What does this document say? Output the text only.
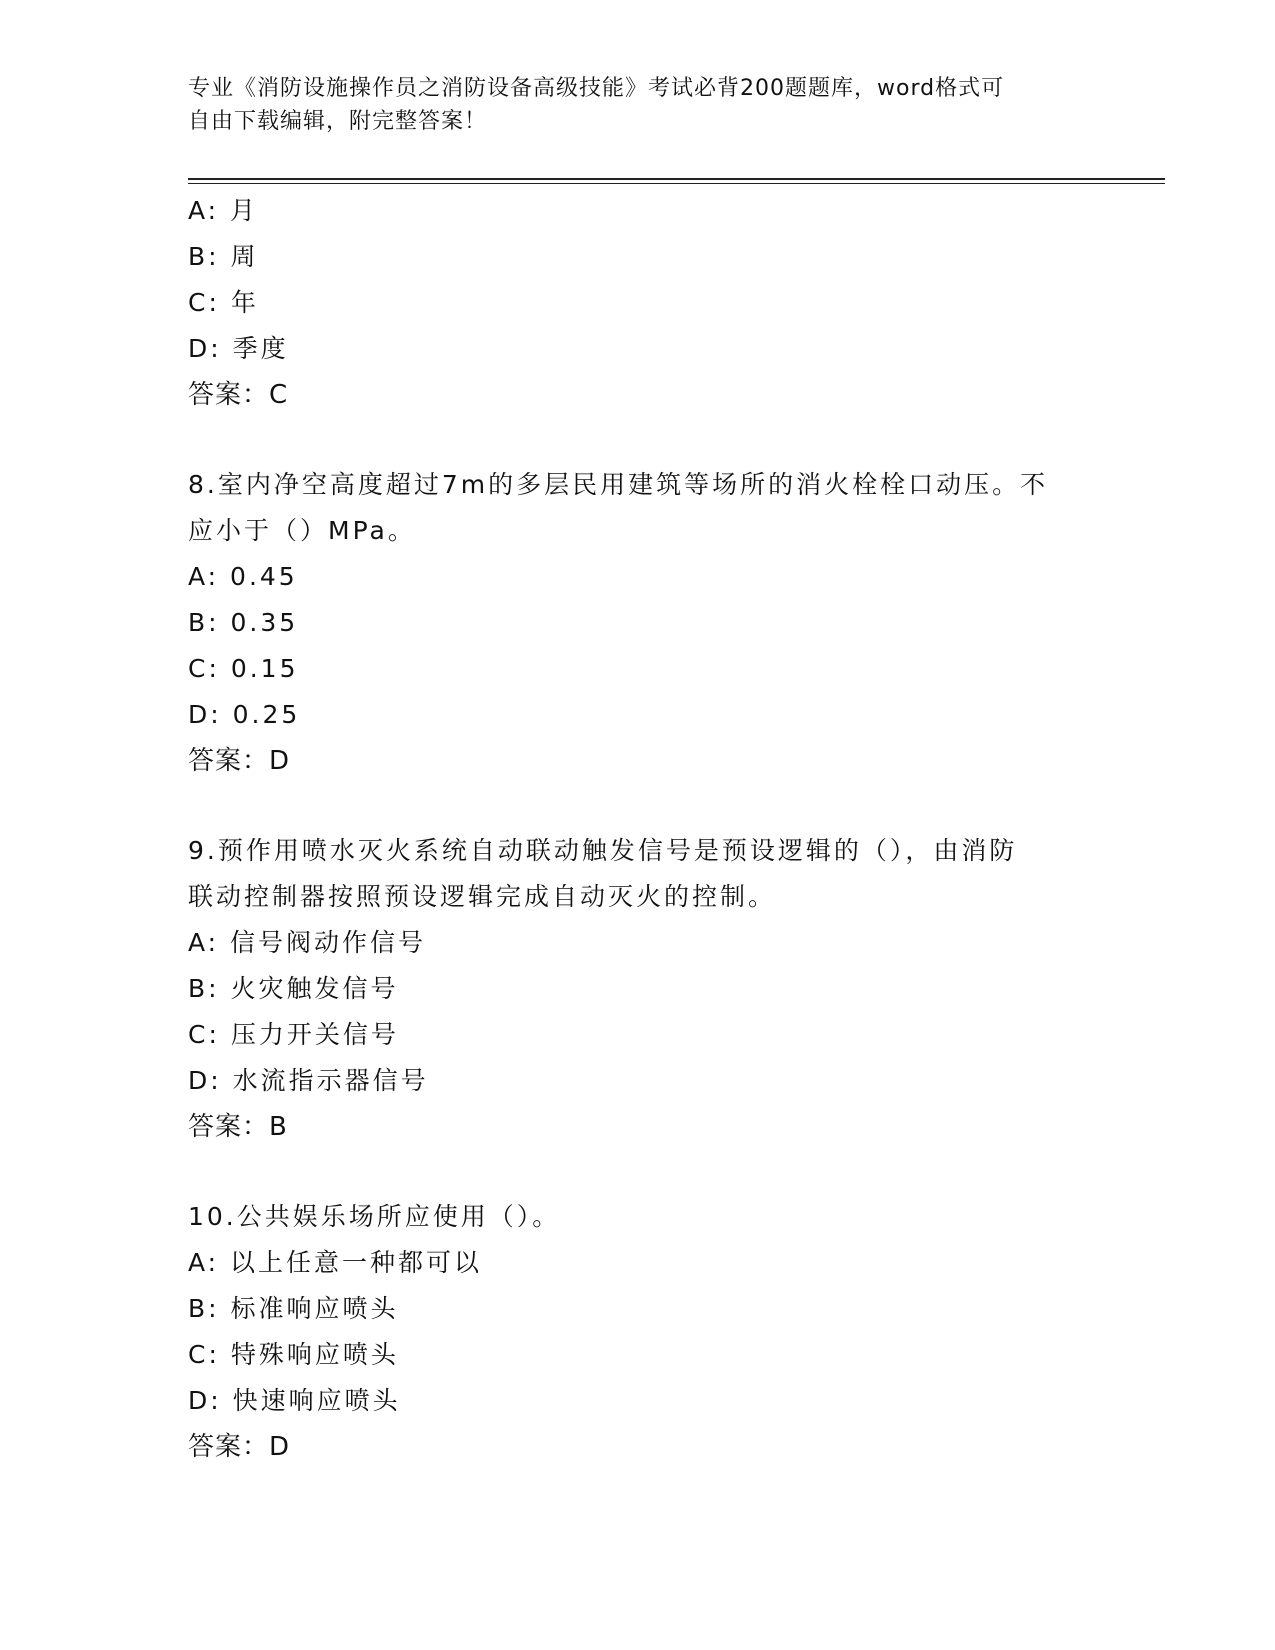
专业《消防设施操作员之消防设备高级技能》考试必背200题题库，word格式可
自由下载编辑，附完整答案！
A: 月
B: 周
C: 年
D: 季度
答案：C
8.室内净空高度超过7m的多层民用建筑等场所的消火栓栓口动压。不
应小于（）MPa。
A: 0.45
B: 0.35
C: 0.15
D: 0.25
答案：D
9.预作用喷水灭火系统自动联动触发信号是预设逻辑的（），由消防
联动控制器按照预设逻辑完成自动灭火的控制。
A: 信号阀动作信号
B: 火灾触发信号
C: 压力开关信号
D: 水流指示器信号
答案：B
10.公共娱乐场所应使用（）。
A: 以上任意一种都可以
B: 标准响应喷头
C: 特殊响应喷头
D: 快速响应喷头
答案：D
